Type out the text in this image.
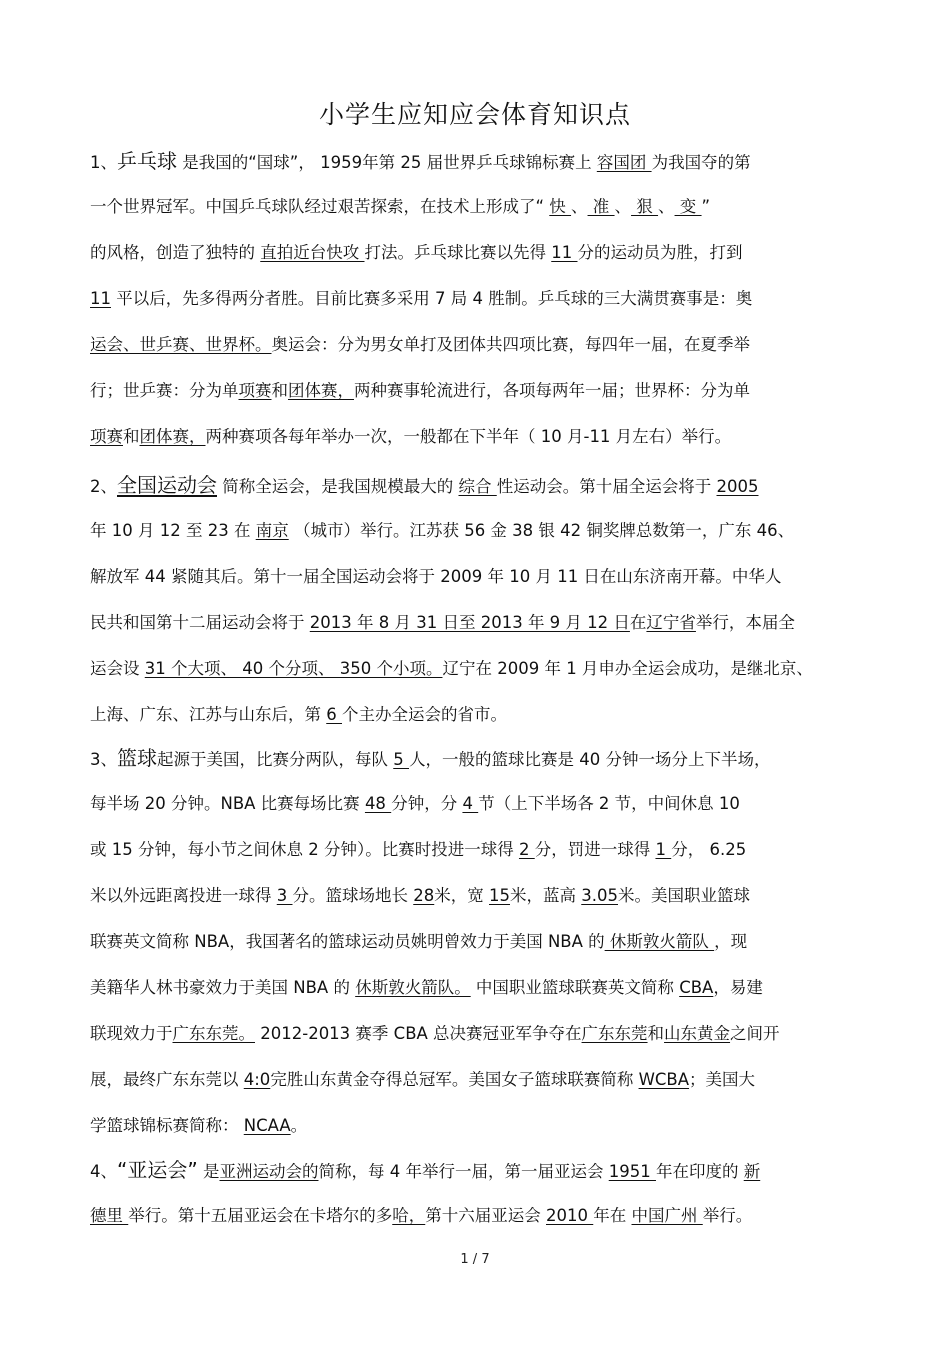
小学生应知应会体育知识点
1、乒乓球 是我国的“国球”， 1959年第 25 届世界乒乓球锦标赛上 容国团 为我国夺的第
一个世界冠军。中国乒乓球队经过艰苦探索，在技术上形成了“ 快 、 准 、 狠 、 变 ”
的风格，创造了独特的 直拍近台快攻 打法。乒乓球比赛以先得 11 分的运动员为胜，打到
11 平以后，先多得两分者胜。目前比赛多采用 7 局 4 胜制。乒乓球的三大满贯赛事是：奥
运会、世乒赛、世界杯。奥运会：分为男女单打及团体共四项比赛，每四年一届，在夏季举
行；世乒赛：分为单项赛和团体赛，两种赛事轮流进行，各项每两年一届；世界杯：分为单
项赛和团体赛，两种赛项各每年举办一次，一般都在下半年（ 10 月-11 月左右）举行。
2、全国运动会 简称全运会，是我国规模最大的 综合 性运动会。第十届全运会将于 2005
年 10 月 12 至 23 在 南京 （城市）举行。江苏获 56 金 38 银 42 铜奖牌总数第一，广东 46、
解放军 44 紧随其后。第十一届全国运动会将于 2009 年 10 月 11 日在山东济南开幕。中华人
民共和国第十二届运动会将于 2013 年 8 月 31 日至 2013 年 9 月 12 日在辽宁省举行，本届全
运会设 31 个大项、 40 个分项、 350 个小项。辽宁在 2009 年 1 月申办全运会成功，是继北京、
上海、广东、江苏与山东后，第 6 个主办全运会的省市。
3、篮球起源于美国，比赛分两队，每队 5 人，一般的篮球比赛是 40 分钟一场分上下半场，
每半场 20 分钟。NBA 比赛每场比赛 48 分钟，分 4 节（上下半场各 2 节，中间休息 10
或 15 分钟，每小节之间休息 2 分钟）。比赛时投进一球得 2 分，罚进一球得 1 分， 6.25
米以外远距离投进一球得 3 分。篮球场地长 28米，宽 15米，蓝高 3.05米。美国职业篮球
联赛英文简称 NBA，我国著名的篮球运动员姚明曾效力于美国 NBA 的 休斯敦火箭队 ，现
美籍华人林书豪效力于美国 NBA 的 休斯敦火箭队。 中国职业篮球联赛英文简称 CBA，易建
联现效力于广东东莞。 2012-2013 赛季 CBA 总决赛冠亚军争夺在广东东莞和山东黄金之间开
展，最终广东东莞以 4:0完胜山东黄金夺得总冠军。美国女子篮球联赛简称 WCBA；美国大
学篮球锦标赛简称： NCAA。
4、“亚运会” 是亚洲运动会的简称，每 4 年举行一届，第一届亚运会 1951 年在印度的 新
德里 举行。第十五届亚运会在卡塔尔的多哈，第十六届亚运会 2010 年在 中国广州 举行。
1 / 7
